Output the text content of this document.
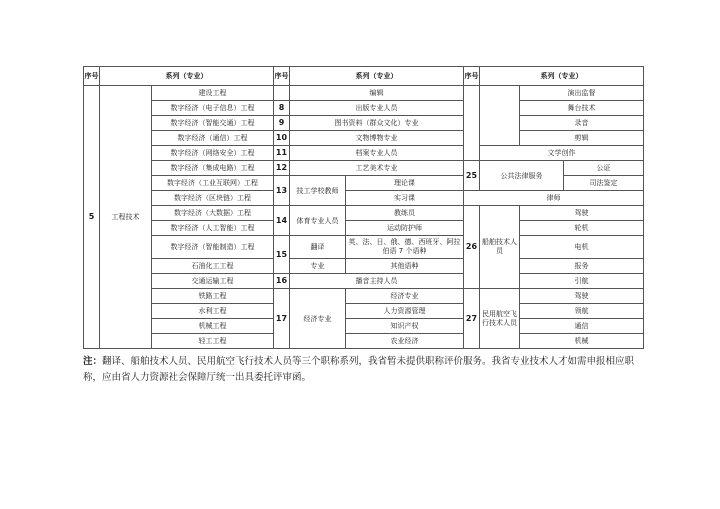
序号	系列（专业）		序号	系列（专业）		序号	系列（专业）		
5	工程技术	建设工程		编辑				演出监督	
		数字经济（电子信息）工程	8	出版专业人员				舞台技术	
		数字经济（智能交通）工程	9	图书资料（群众文化）专业				录音	
		数字经济（通信）工程	10	文物博物专业				剪辑	
		数字经济（网络安全）工程	11	档案专业人员			文学创作		
		数字经济（集成电路）工程	12	工艺美术专业		25	公共法律服务		公证
		数字经济（工业互联网）工程	13	技工学校教师	理论课				司法鉴定
		数字经济（区块链）工程			实习课	律师			
		数字经济（大数据）工程	14	体育专业人员	教练员	26	船舶技术人员	驾驶	
		数字经济（人工智能）工程			运动防护师			轮机	
		数字经济（智能制造）工程	15	翻译	英、法、日、俄、德、西班牙、阿拉伯语 7 个语种			电机	
		石油化工工程		专业	其他语种			报务	
		交通运输工程	16	播音主持人员				引航	
		铁路工程	17	经济专业	经济专业	27	民用航空飞行技术人员	驾驶	
		水利工程			人力资源管理			领航	
		机械工程			知识产权			通信	
		轻工工程			农业经济			机械	
注：翻译、船舶技术人员、民用航空飞行技术人员等三个职称系列，我省暂未提供职称评价服务。我省专业技术人才如需申报相应职称，应由省人力资源社会保障厅统一出具委托评审函。
